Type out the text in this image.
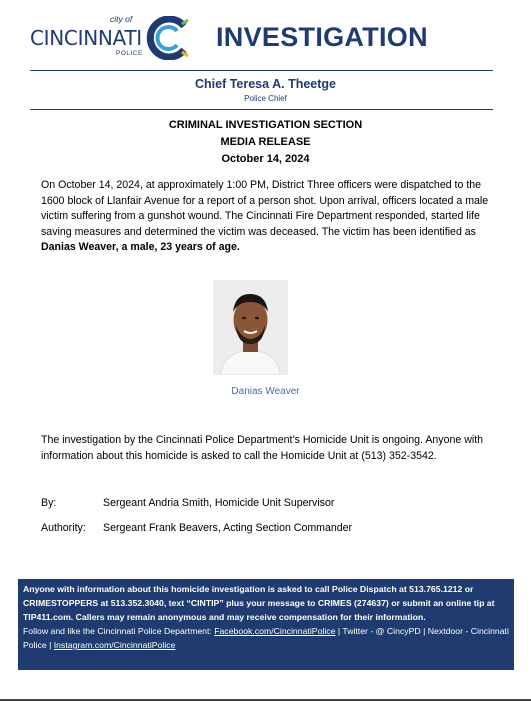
city of
CINCINNATI
POLICE
INVESTIGATION
Chief Teresa A. Theetge
Police Chief
CRIMINAL INVESTIGATION SECTION
MEDIA RELEASE
October 14, 2024
On October 14, 2024, at approximately 1:00 PM, District Three officers were dispatched to the 1600 block of Llanfair Avenue for a report of a person shot. Upon arrival, officers located a male victim suffering from a gunshot wound. The Cincinnati Fire Department responded, started life saving measures and determined the victim was deceased. The victim has been identified as Danias Weaver, a male, 23 years of age.
Danias Weaver
The investigation by the Cincinnati Police Department’s Homicide Unit is ongoing. Anyone with information about this homicide is asked to call the Homicide Unit at (513) 352-3542.
By:	Sergeant Andria Smith, Homicide Unit Supervisor
Authority: Sergeant Frank Beavers, Acting Section Commander
Anyone with information about this homicide investigation is asked to call Police Dispatch at 513.765.1212 or CRIMESTOPPERS at 513.352.3040, text “CINTIP” plus your message to CRIMES (274637) or submit an online tip at TIP411.com. Callers may remain anonymous and may receive compensation for their information.
Follow and like the Cincinnati Police Department: Facebook.com/CincinnatiPolice | Twitter - @ CincyPD | Nextdoor - Cincinnati Police | Instagram.com/CincinnatiPolice
